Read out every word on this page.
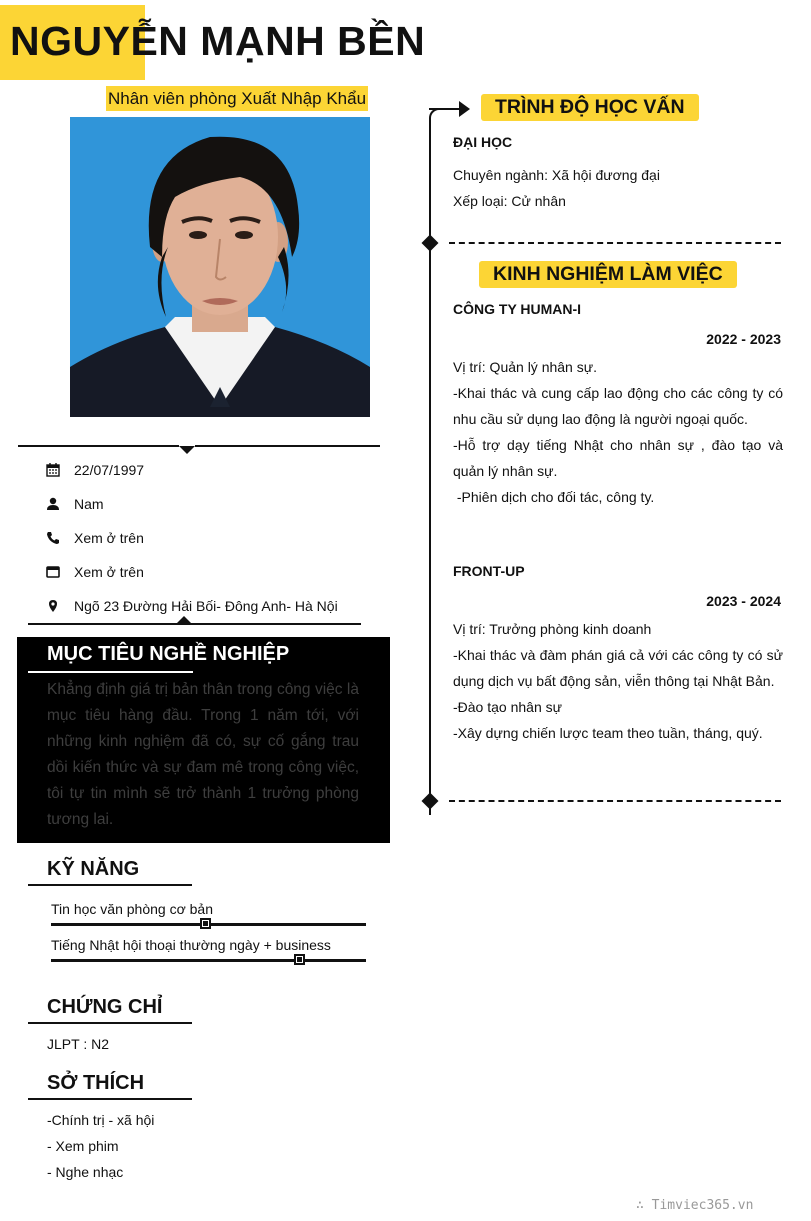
NGUYỄN MẠNH BỀN
Nhân viên phòng Xuất Nhập Khẩu
22/07/1997
Nam
Xem ở trên
Xem ở trên
Ngõ 23 Đường Hải Bối- Đông Anh- Hà Nội
MỤC TIÊU NGHỀ NGHIỆP
Khẳng định giá trị bản thân trong công việc là mục tiêu hàng đầu. Trong 1 năm tới, với những kinh nghiệm đã có, sự cố gắng trau dồi kiến thức và sự đam mê trong công việc, tôi tự tin mình sẽ trở thành 1 trưởng phòng tương lai.
KỸ NĂNG
Tin học văn phòng cơ bản
Tiếng Nhật hội thoại thường ngày + business
CHỨNG CHỈ
JLPT : N2
SỞ THÍCH
-Chính trị - xã hội
- Xem phim
- Nghe nhạc
TRÌNH ĐỘ HỌC VẤN
ĐẠI HỌC
Chuyên ngành: Xã hội đương đại
Xếp loại: Cử nhân
KINH NGHIỆM LÀM VIỆC
CÔNG TY HUMAN-I
2022 - 2023
Vị trí: Quản lý nhân sự.
-Khai thác và cung cấp lao động cho các công ty có nhu cầu sử dụng lao động là người ngoại quốc.
-Hỗ trợ dạy tiếng Nhật cho nhân sự , đào tạo và quản lý nhân sự.
-Phiên dịch cho đối tác, công ty.
FRONT-UP
2023 - 2024
Vị trí: Trưởng phòng kinh doanh
-Khai thác và đàm phán giá cả với các công ty có sử dụng dịch vụ bất động sản, viễn thông tại Nhật Bản.
-Đào tạo nhân sự
-Xây dựng chiến lược team theo tuần, tháng, quý.
∴ Timviec365.vn
